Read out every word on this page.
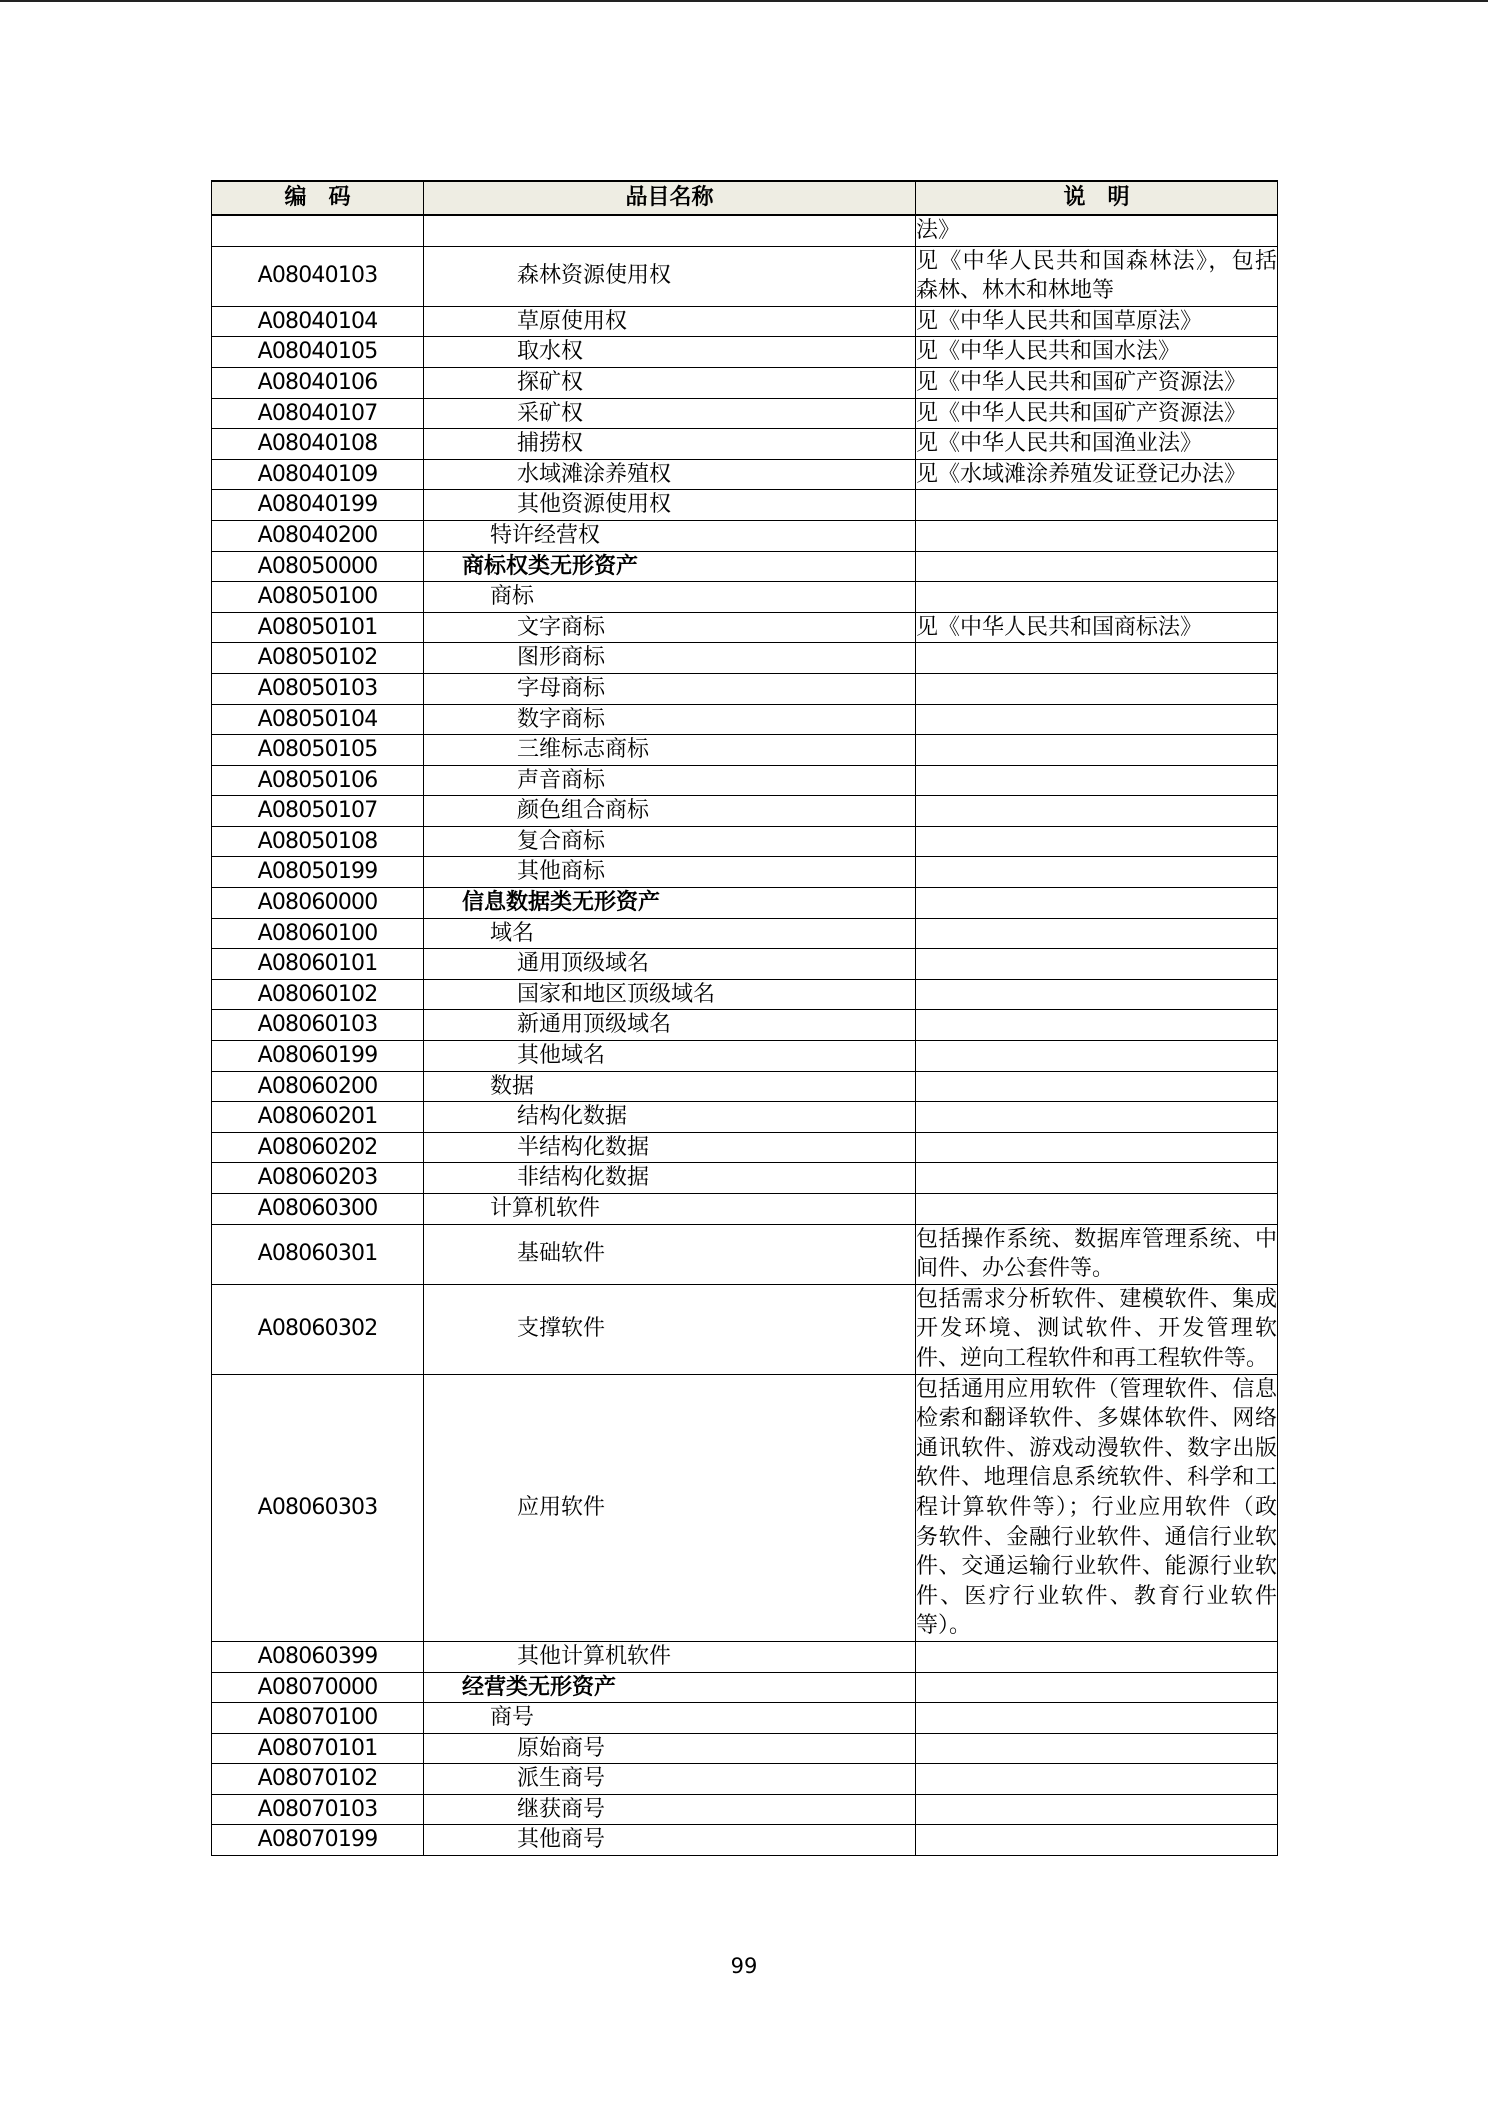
编　码	品目名称	说　明
		法》
A08040103	森林资源使用权	见《中华人民共和国森林法》，包括森林、林木和林地等
A08040104	草原使用权	见《中华人民共和国草原法》
A08040105	取水权	见《中华人民共和国水法》
A08040106	探矿权	见《中华人民共和国矿产资源法》
A08040107	采矿权	见《中华人民共和国矿产资源法》
A08040108	捕捞权	见《中华人民共和国渔业法》
A08040109	水域滩涂养殖权	见《水域滩涂养殖发证登记办法》
A08040199	其他资源使用权	
A08040200	特许经营权	
A08050000	商标权类无形资产	
A08050100	商标	
A08050101	文字商标	见《中华人民共和国商标法》
A08050102	图形商标	
A08050103	字母商标	
A08050104	数字商标	
A08050105	三维标志商标	
A08050106	声音商标	
A08050107	颜色组合商标	
A08050108	复合商标	
A08050199	其他商标	
A08060000	信息数据类无形资产	
A08060100	域名	
A08060101	通用顶级域名	
A08060102	国家和地区顶级域名	
A08060103	新通用顶级域名	
A08060199	其他域名	
A08060200	数据	
A08060201	结构化数据	
A08060202	半结构化数据	
A08060203	非结构化数据	
A08060300	计算机软件	
A08060301	基础软件	包括操作系统、数据库管理系统、中间件、办公套件等。
A08060302	支撑软件	包括需求分析软件、建模软件、集成开发环境、测试软件、开发管理软件、逆向工程软件和再工程软件等。
A08060303	应用软件	包括通用应用软件（管理软件、信息检索和翻译软件、多媒体软件、网络通讯软件、游戏动漫软件、数字出版软件、地理信息系统软件、科学和工程计算软件等）；行业应用软件（政务软件、金融行业软件、通信行业软件、交通运输行业软件、能源行业软件、医疗行业软件、教育行业软件等）。
A08060399	其他计算机软件	
A08070000	经营类无形资产	
A08070100	商号	
A08070101	原始商号	
A08070102	派生商号	
A08070103	继获商号	
A08070199	其他商号	
99
